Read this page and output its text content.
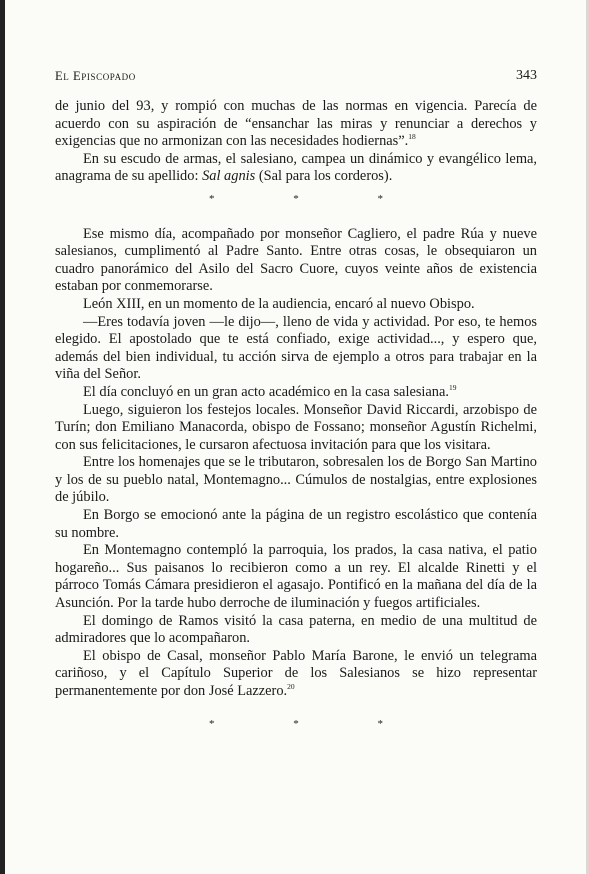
El Episcopado	343

de junio del 93, y rompió con muchas de las normas en vigencia. Parecía de acuerdo con su aspiración de “ensanchar las miras y renunciar a derechos y exigencias que no armonizan con las necesidades hodiernas”.$^{18}$

En su escudo de armas, el salesiano, campea un dinámico y evangélico lema, anagrama de su apellido: Sal agnis (Sal para los corderos).

* * *

Ese mismo día, acompañado por monseñor Cagliero, el padre Rúa y nueve salesianos, cumplimentó al Padre Santo. Entre otras cosas, le obsequiaron un cuadro panorámico del Asilo del Sacro Cuore, cuyos veinte años de existencia estaban por conmemorarse.

León XIII, en un momento de la audiencia, encaró al nuevo Obispo.

—Eres todavía joven —le dijo—, lleno de vida y actividad. Por eso, te hemos elegido. El apostolado que te está confiado, exige actividad..., y espero que, además del bien individual, tu acción sirva de ejemplo a otros para trabajar en la viña del Señor.

El día concluyó en un gran acto académico en la casa salesiana.$^{19}$

Luego, siguieron los festejos locales. Monseñor David Riccardi, arzobispo de Turín; don Emiliano Manacorda, obispo de Fossano; monseñor Agustín Richelmi, con sus felicitaciones, le cursaron afectuosa invitación para que los visitara.

Entre los homenajes que se le tributaron, sobresalen los de Borgo San Martino y los de su pueblo natal, Montemagno... Cúmulos de nostalgias, entre explosiones de júbilo.

En Borgo se emocionó ante la página de un registro escolástico que contenía su nombre.

En Montemagno contempló la parroquia, los prados, la casa nativa, el patio hogareño... Sus paisanos lo recibieron como a un rey. El alcalde Rinetti y el párroco Tomás Cámara presidieron el agasajo. Pontificó en la mañana del día de la Asunción. Por la tarde hubo derroche de iluminación y fuegos artificiales.

El domingo de Ramos visitó la casa paterna, en medio de una multitud de admiradores que lo acompañaron.

El obispo de Casal, monseñor Pablo María Barone, le envió un telegrama cariñoso, y el Capítulo Superior de los Salesianos se hizo representar permanentemente por don José Lazzero.$^{20}$

* * *
